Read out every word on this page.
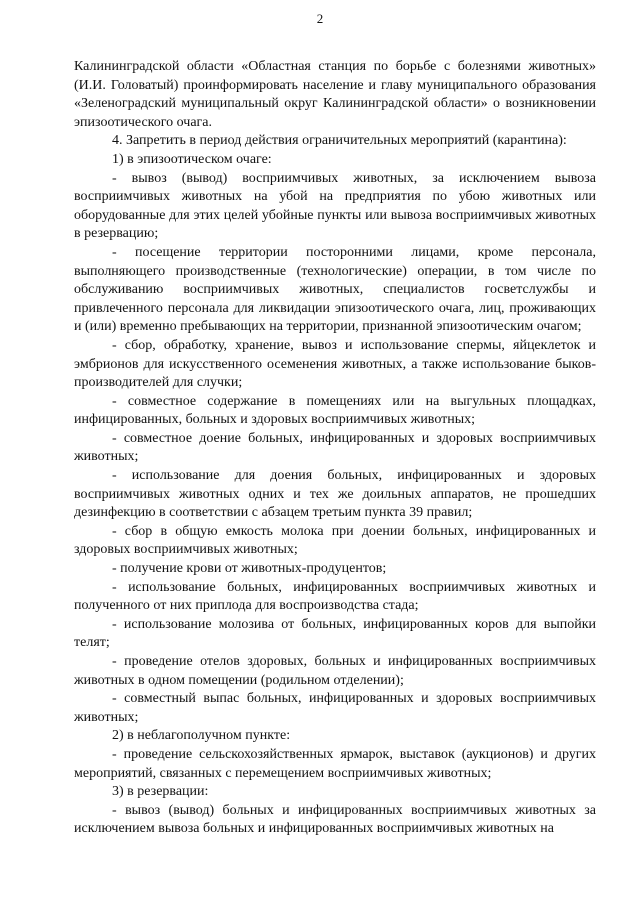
2

Калининградской области «Областная станция по борьбе с болезнями животных» (И.И. Головатый) проинформировать население и главу муниципального образования «Зеленоградский муниципальный округ Калининградской области» о возникновении эпизоотического очага.

4. Запретить в период действия ограничительных мероприятий (карантина):

1) в эпизоотическом очаге:

- вывоз (вывод) восприимчивых животных, за исключением вывоза восприимчивых животных на убой на предприятия по убою животных или оборудованные для этих целей убойные пункты или вывоза восприимчивых животных в резервацию;

- посещение территории посторонними лицами, кроме персонала, выполняющего производственные (технологические) операции, в том числе по обслуживанию восприимчивых животных, специалистов госветслужбы и привлеченного персонала для ликвидации эпизоотического очага, лиц, проживающих и (или) временно пребывающих на территории, признанной эпизоотическим очагом;

- сбор, обработку, хранение, вывоз и использование спермы, яйцеклеток и эмбрионов для искусственного осеменения животных, а также использование быков-производителей для случки;

- совместное содержание в помещениях или на выгульных площадках, инфицированных, больных и здоровых восприимчивых животных;

- совместное доение больных, инфицированных и здоровых восприимчивых животных;

- использование для доения больных, инфицированных и здоровых восприимчивых животных одних и тех же доильных аппаратов, не прошедших дезинфекцию в соответствии с абзацем третьим пункта 39 правил;

- сбор в общую емкость молока при доении больных, инфицированных и здоровых восприимчивых животных;

- получение крови от животных-продуцентов;

- использование больных, инфицированных восприимчивых животных и полученного от них приплода для воспроизводства стада;

- использование молозива от больных, инфицированных коров для выпойки телят;

- проведение отелов здоровых, больных и инфицированных восприимчивых животных в одном помещении (родильном отделении);

- совместный выпас больных, инфицированных и здоровых восприимчивых животных;

2) в неблагополучном пункте:

- проведение сельскохозяйственных ярмарок, выставок (аукционов) и других мероприятий, связанных с перемещением восприимчивых животных;

3) в резервации:

- вывоз (вывод) больных и инфицированных восприимчивых животных за исключением вывоза больных и инфицированных восприимчивых животных на
